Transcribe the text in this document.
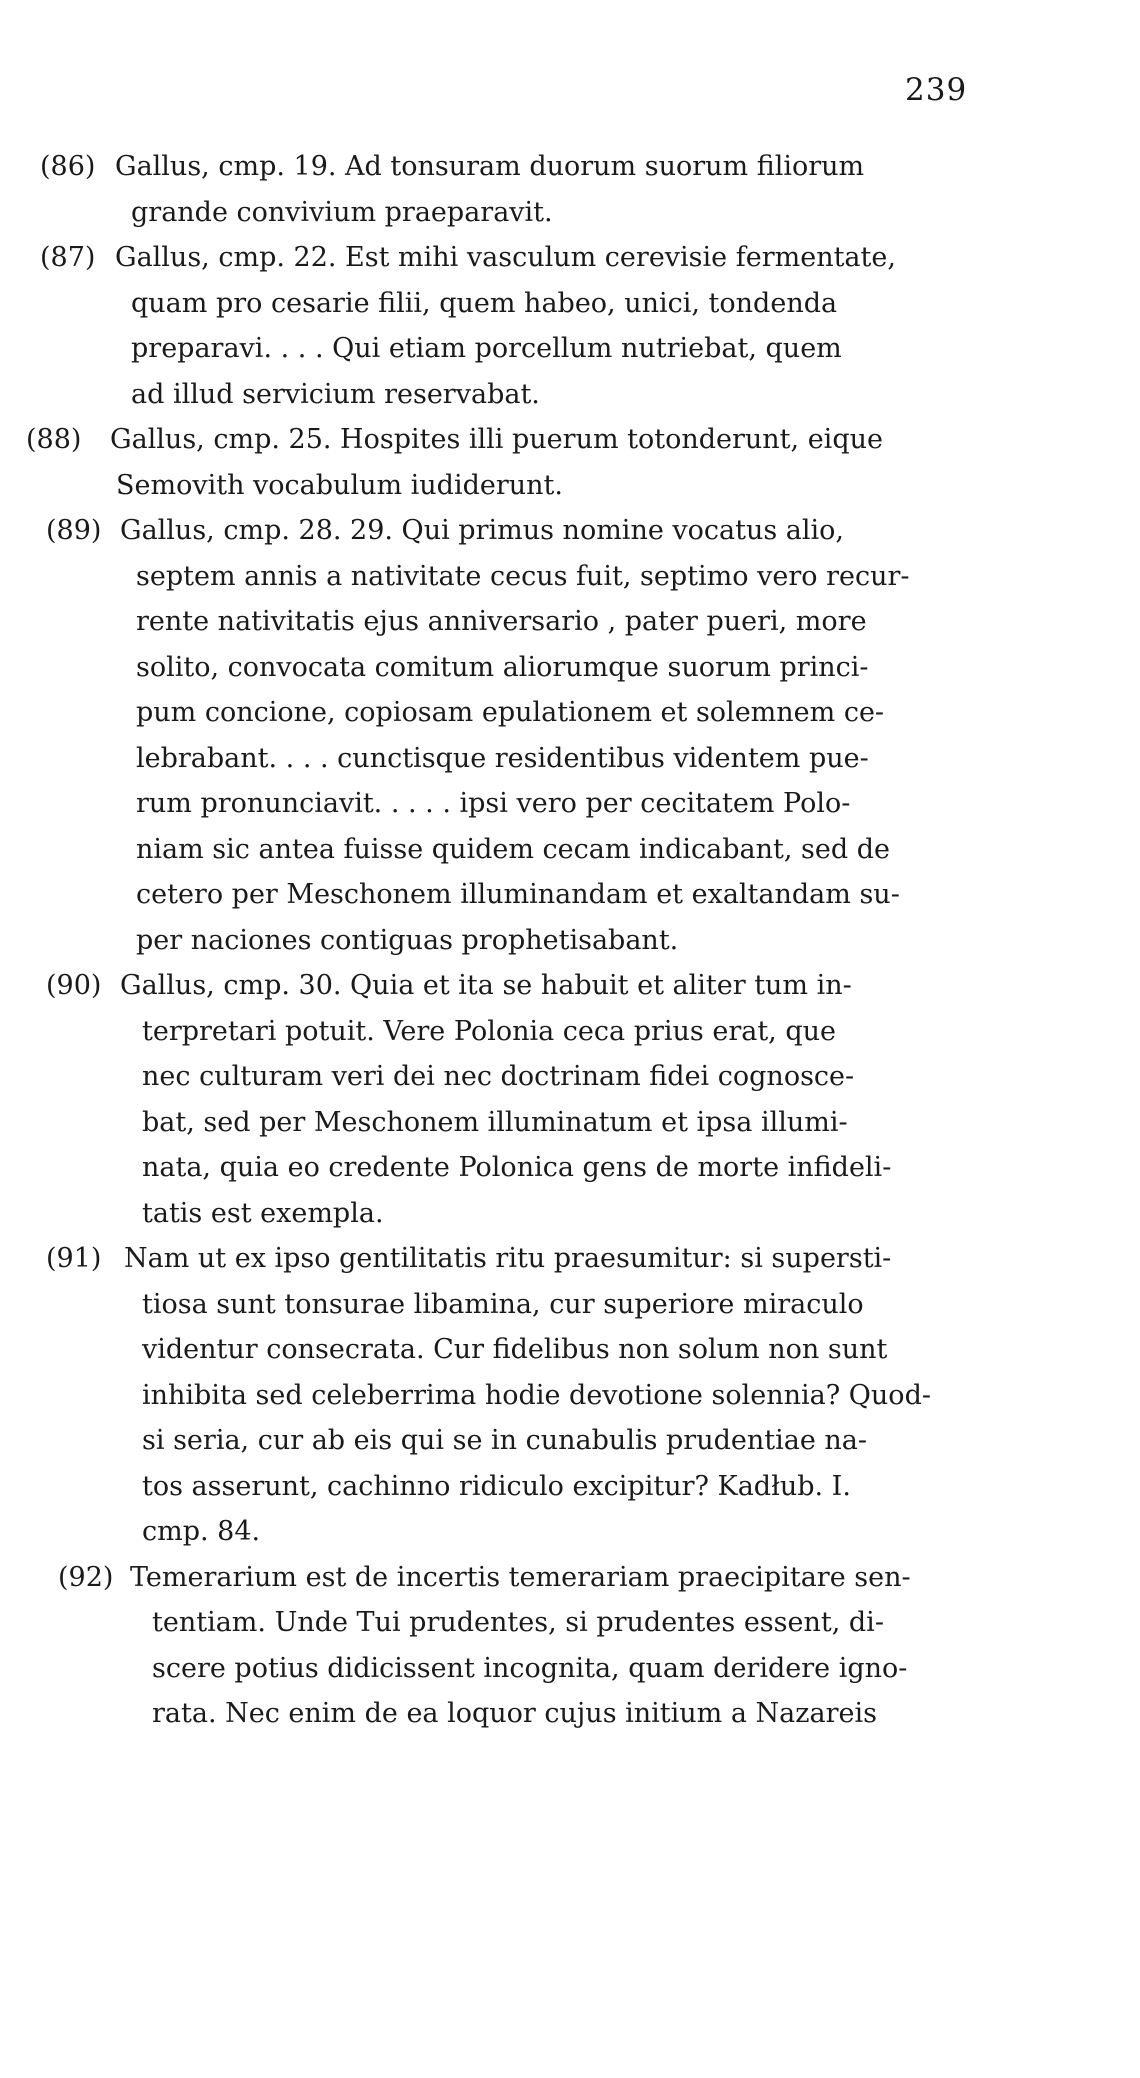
239
(86) Gallus, cmp. 19. Ad tonsuram duorum suorum filiorum
grande convivium praeparavit.
(87) Gallus, cmp. 22. Est mihi vasculum cerevisie fermentate,
quam pro cesarie filii, quem habeo, unici, tondenda
preparavi. . . . Qui etiam porcellum nutriebat, quem
ad illud servicium reservabat.
(88) Gallus, cmp. 25. Hospites illi puerum totonderunt, eique
Semovith vocabulum iudiderunt.
(89) Gallus, cmp. 28. 29. Qui primus nomine vocatus alio,
septem annis a nativitate cecus fuit, septimo vero recur-
rente nativitatis ejus anniversario , pater pueri, more
solito, convocata comitum aliorumque suorum princi-
pum concione, copiosam epulationem et solemnem ce-
lebrabant. . . . cunctisque residentibus videntem pue-
rum pronunciavit. . . . . ipsi vero per cecitatem Polo-
niam sic antea fuisse quidem cecam indicabant, sed de
cetero per Meschonem illuminandam et exaltandam su-
per naciones contiguas prophetisabant.
(90) Gallus, cmp. 30. Quia et ita se habuit et aliter tum in-
terpretari potuit. Vere Polonia ceca prius erat, que
nec culturam veri dei nec doctrinam fidei cognosce-
bat, sed per Meschonem illuminatum et ipsa illumi-
nata, quia eo credente Polonica gens de morte infideli-
tatis est exempla.
(91) Nam ut ex ipso gentilitatis ritu praesumitur: si supersti-
tiosa sunt tonsurae libamina, cur superiore miraculo
videntur consecrata. Cur fidelibus non solum non sunt
inhibita sed celeberrima hodie devotione solennia? Quod-
si seria, cur ab eis qui se in cunabulis prudentiae na-
tos asserunt, cachinno ridiculo excipitur? Kadłub. I.
cmp. 84.
(92) Temerarium est de incertis temerariam praecipitare sen-
tentiam. Unde Tui prudentes, si prudentes essent, di-
scere potius didicissent incognita, quam deridere igno-
rata. Nec enim de ea loquor cujus initium a Nazareis
